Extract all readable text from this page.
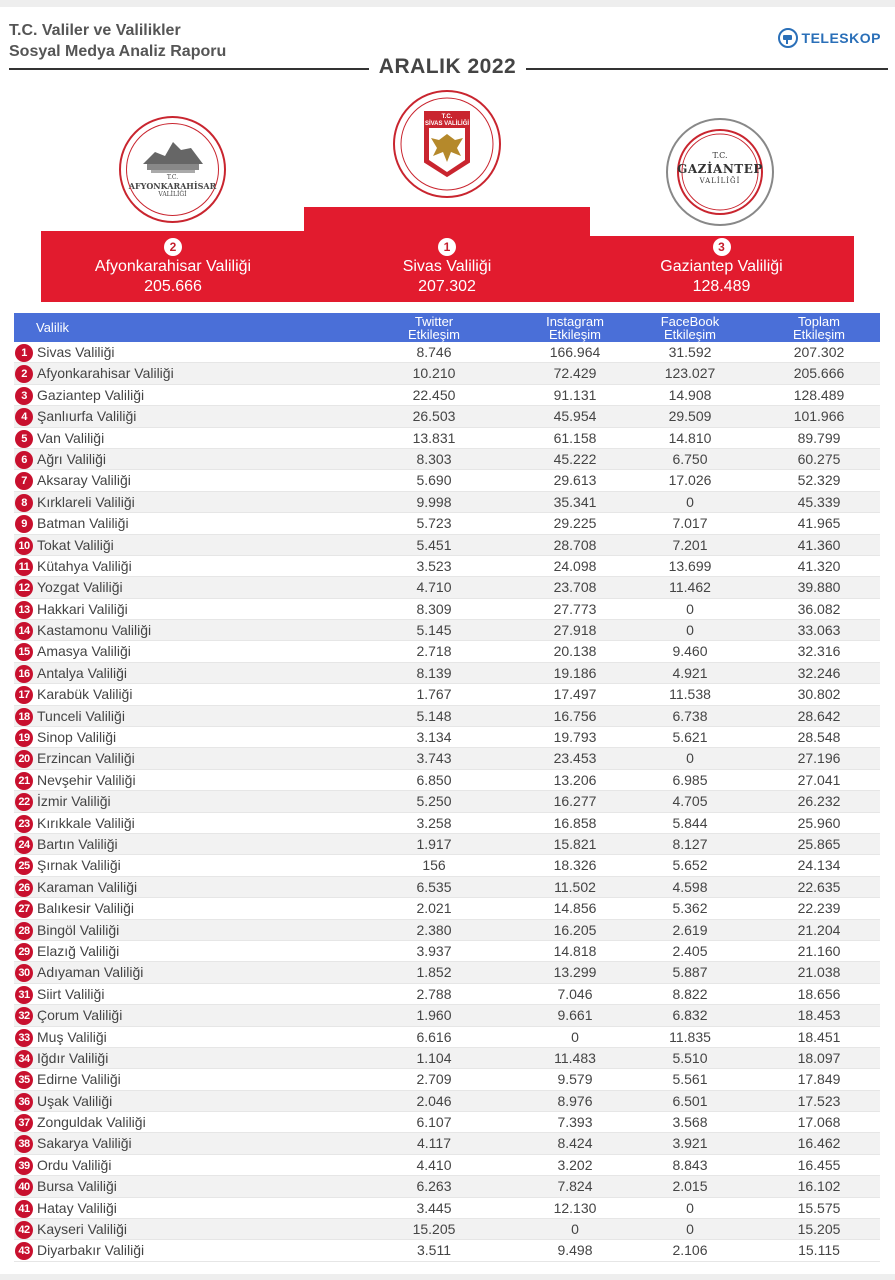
T.C. Valiler ve Valilikler
Sosyal Medya Analiz Raporu
TELESKOP
ARALIK 2022
T.C.
AFYONKARAHİSAR
VALİLİĞİ
T.C.
SİVAS VALİLİĞİ
T.C.
GAZİANTEP
VALİLİĞİ
2
Afyonkarahisar Valiliği
205.666
1
Sivas Valiliği
207.302
3
Gaziantep Valiliği
128.489
Valilik	Twitter
Etkileşim
Instagram
Etkileşim
FaceBook
Etkileşim
Toplam
Etkileşim
1 Sivas Valiliği	8.746	166.964	31.592	207.302
2 Afyonkarahisar Valiliği	10.210	72.429	123.027	205.666
3 Gaziantep Valiliği	22.450	91.131	14.908	128.489
4 Şanlıurfa Valiliği	26.503	45.954	29.509	101.966
5 Van Valiliği	13.831	61.158	14.810	89.799
6 Ağrı Valiliği	8.303	45.222	6.750	60.275
7 Aksaray Valiliği	5.690	29.613	17.026	52.329
8 Kırklareli Valiliği	9.998	35.341	0	45.339
9 Batman Valiliği	5.723	29.225	7.017	41.965
10 Tokat Valiliği	5.451	28.708	7.201	41.360
11 Kütahya Valiliği	3.523	24.098	13.699	41.320
12 Yozgat Valiliği	4.710	23.708	11.462	39.880
13 Hakkari Valiliği	8.309	27.773	0	36.082
14 Kastamonu Valiliği	5.145	27.918	0	33.063
15 Amasya Valiliği	2.718	20.138	9.460	32.316
16 Antalya Valiliği	8.139	19.186	4.921	32.246
17 Karabük Valiliği	1.767	17.497	11.538	30.802
18 Tunceli Valiliği	5.148	16.756	6.738	28.642
19 Sinop Valiliği	3.134	19.793	5.621	28.548
20 Erzincan Valiliği	3.743	23.453	0	27.196
21 Nevşehir Valiliği	6.850	13.206	6.985	27.041
22 İzmir Valiliği	5.250	16.277	4.705	26.232
23 Kırıkkale Valiliği	3.258	16.858	5.844	25.960
24 Bartın Valiliği	1.917	15.821	8.127	25.865
25 Şırnak Valiliği	156	18.326	5.652	24.134
26 Karaman Valiliği	6.535	11.502	4.598	22.635
27 Balıkesir Valiliği	2.021	14.856	5.362	22.239
28 Bingöl Valiliği	2.380	16.205	2.619	21.204
29 Elazığ Valiliği	3.937	14.818	2.405	21.160
30 Adıyaman Valiliği	1.852	13.299	5.887	21.038
31 Siirt Valiliği	2.788	7.046	8.822	18.656
32 Çorum Valiliği	1.960	9.661	6.832	18.453
33 Muş Valiliği	6.616	0	11.835	18.451
34 Iğdır Valiliği	1.104	11.483	5.510	18.097
35 Edirne Valiliği	2.709	9.579	5.561	17.849
36 Uşak Valiliği	2.046	8.976	6.501	17.523
37 Zonguldak Valiliği	6.107	7.393	3.568	17.068
38 Sakarya Valiliği	4.117	8.424	3.921	16.462
39 Ordu Valiliği	4.410	3.202	8.843	16.455
40 Bursa Valiliği	6.263	7.824	2.015	16.102
41 Hatay Valiliği	3.445	12.130	0	15.575
42 Kayseri Valiliği	15.205	0	0	15.205
43 Diyarbakır Valiliği	3.511	9.498	2.106	15.115
